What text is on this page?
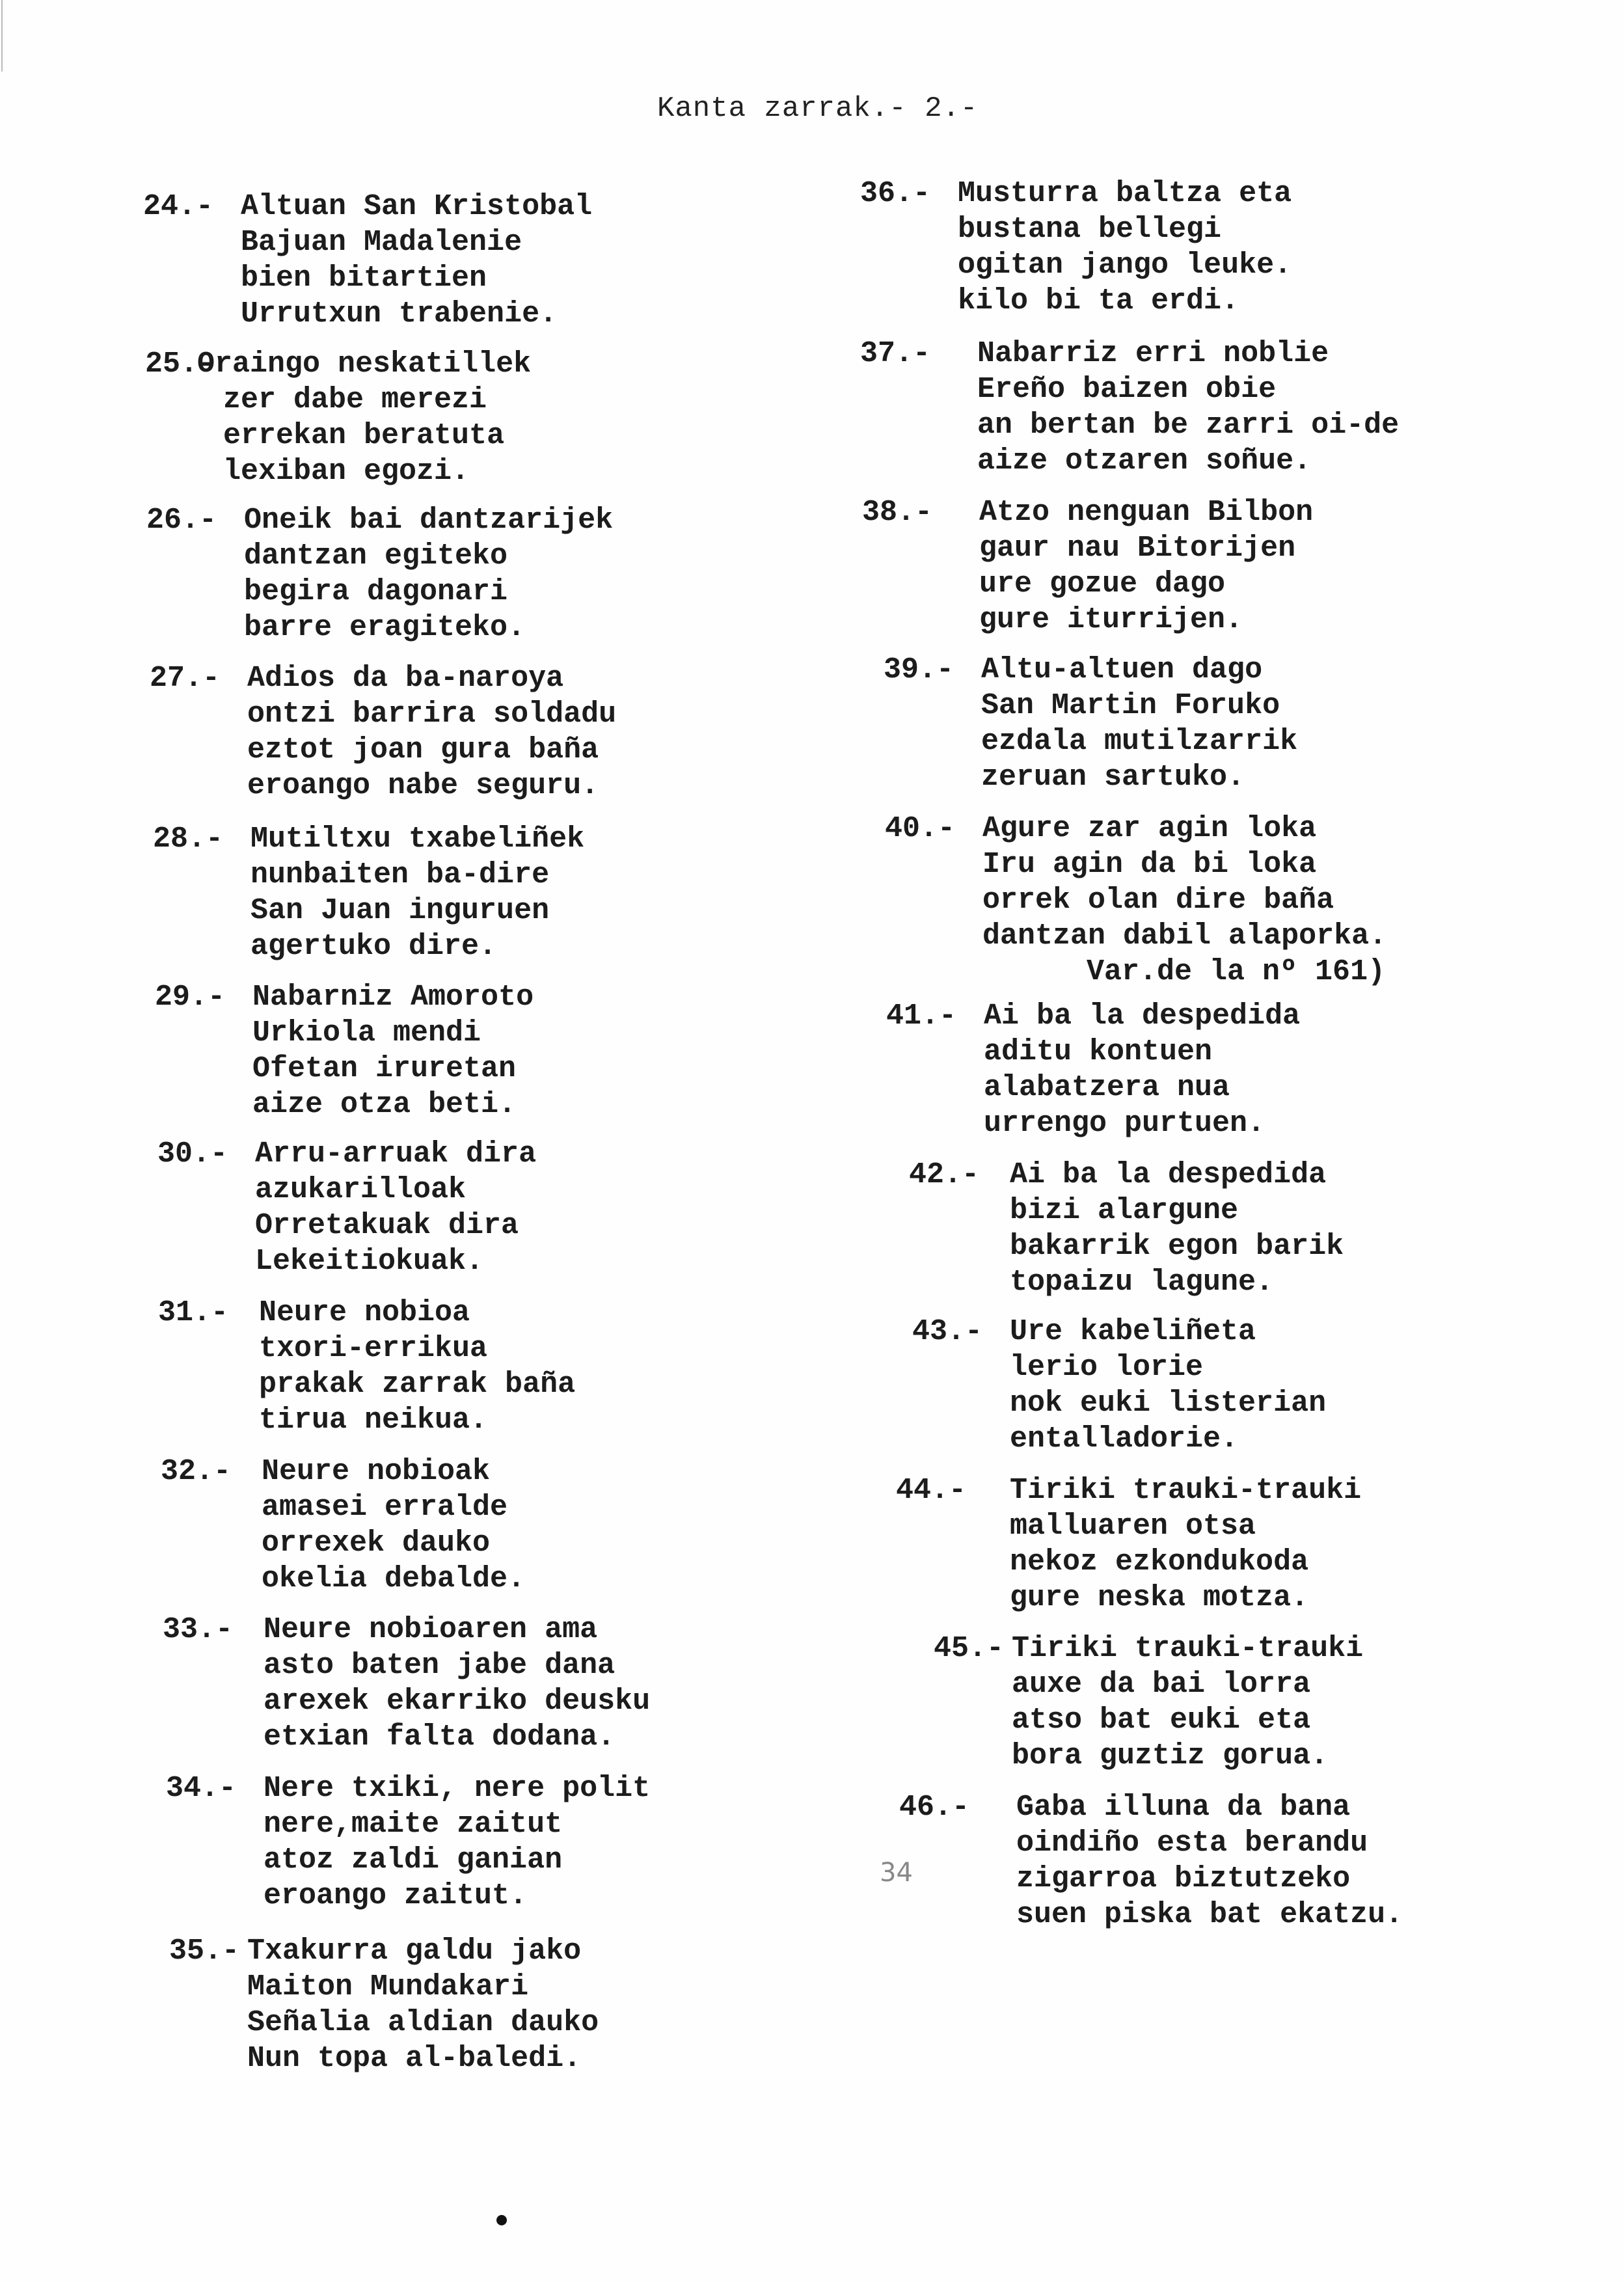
Kanta zarrak.- 2.-
24.- Altuan San Kristobal
Bajuan Madalenie
bien bitartien
Urrutxun trabenie.
25.-
Oraingo neskatillek
zer dabe merezi
errekan beratuta
lexiban egozi.
26.- Oneik bai dantzarijek
dantzan egiteko
begira dagonari
barre eragiteko.
27.- Adios da ba-naroya
ontzi barrira soldadu
eztot joan gura baña
eroango nabe seguru.
28.- Mutiltxu txabeliñek
nunbaiten ba-dire
San Juan inguruen
agertuko dire.
29.- Nabarniz Amoroto
Urkiola mendi
Ofetan iruretan
aize otza beti.
30.- Arru-arruak dira
azukarilloak
Orretakuak dira
Lekeitiokuak.
31.- Neure nobioa
txori-errikua
prakak zarrak baña
tirua neikua.
32.- Neure nobioak
amasei erralde
orrexek dauko
okelia debalde.
33.- Neure nobioaren ama
asto baten jabe dana
arexek ekarriko deusku
etxian falta dodana.
34.- Nere txiki, nere polit
nere,maite zaitut
atoz zaldi ganian
eroango zaitut.
35.- Txakurra galdu jako
Maiton Mundakari
Señalia aldian dauko
Nun topa al-baledi.
36.- Musturra baltza eta
bustana bellegi
ogitan jango leuke.
kilo bi ta erdi.
37.- Nabarriz erri noblie
Ereño baizen obie
an bertan be zarri oi-de
aize otzaren soñue.
38.- Atzo nenguan Bilbon
gaur nau Bitorijen
ure gozue dago
gure iturrijen.
39.- Altu-altuen dago
San Martin Foruko
ezdala mutilzarrik
zeruan sartuko.
40.- Agure zar agin loka
Iru agin da bi loka
orrek olan dire baña
dantzan dabil alaporka.
Var.de la nº 161)
41.- Ai ba la despedida
aditu kontuen
alabatzera nua
urrengo purtuen.
42.- Ai ba la despedida
bizi alargune
bakarrik egon barik
topaizu lagune.
43.- Ure kabeliñeta
lerio lorie
nok euki listerian
entalladorie.
44.- Tiriki trauki-trauki
malluaren otsa
nekoz ezkondukoda
gure neska motza.
45.- Tiriki trauki-trauki
auxe da bai lorra
atso bat euki eta
bora guztiz gorua.
46.- Gaba illuna da bana
oindiño esta berandu
zigarroa biztutzeko
suen piska bat ekatzu.
34
